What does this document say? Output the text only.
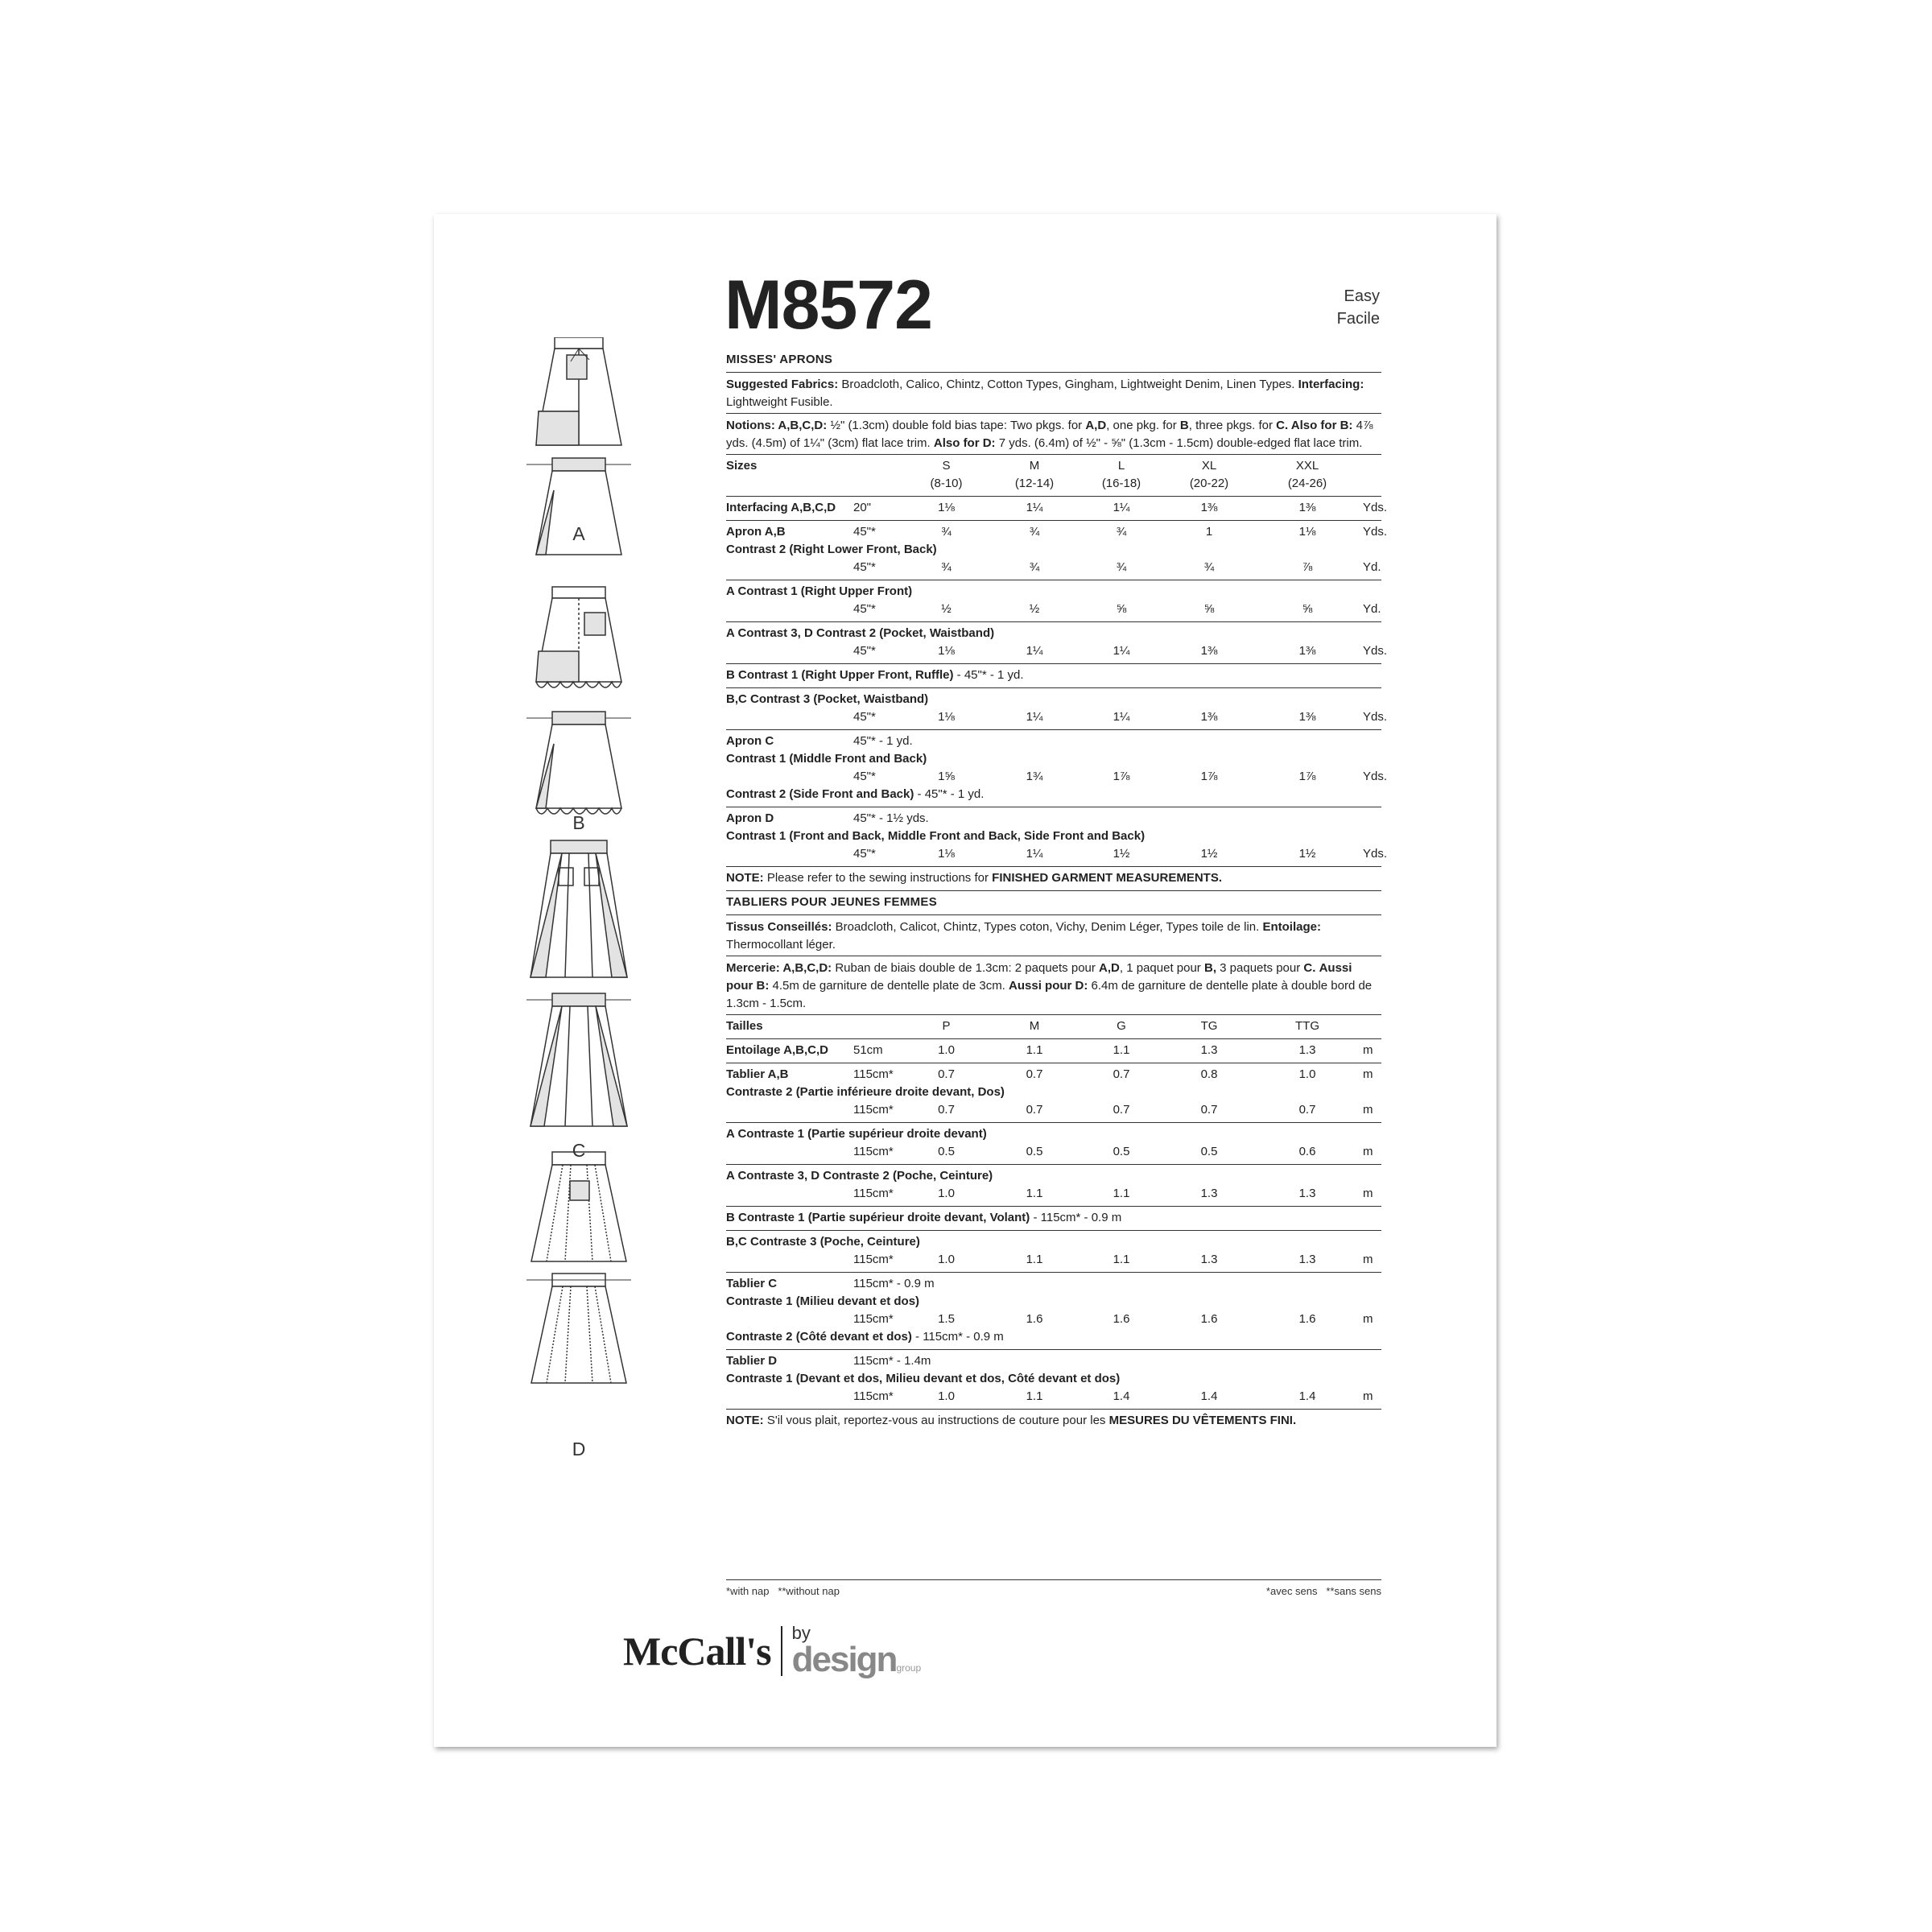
A
B
C
D
M8572	Easy
Facile
MISSES' APRONS
Suggested Fabrics: Broadcloth, Calico, Chintz, Cotton Types, Gingham, Lightweight Denim, Linen Types. Interfacing: Lightweight Fusible.
Notions: A,B,C,D: ½" (1.3cm) double fold bias tape: Two pkgs. for A,D, one pkg. for B, three pkgs. for C. Also for B: 4⅞ yds. (4.5m) of 1¼" (3cm) flat lace trim. Also for D: 7 yds. (6.4m) of ½" - ⅝" (1.3cm - 1.5cm) double-edged flat lace trim.
Sizes	S	M	L	XL	XXL
(8-10)	(12-14)	(16-18)	(20-22)	(24-26)
Interfacing A,B,C,D	20"	1⅛	1¼	1¼	1⅜	1⅜	Yds.
Apron A,B	45"*	¾	¾	¾	1	1⅛	Yds.
Contrast 2 (Right Lower Front, Back)
45"*	¾	¾	¾	¾	⅞	Yd.
A Contrast 1 (Right Upper Front)
45"*	½	½	⅝	⅝	⅝	Yd.
A Contrast 3, D Contrast 2 (Pocket, Waistband)
45"*	1⅛	1¼	1¼	1⅜	1⅜	Yds.
B Contrast 1 (Right Upper Front, Ruffle) - 45"* - 1 yd.
B,C Contrast 3 (Pocket, Waistband)
45"*	1⅛	1¼	1¼	1⅜	1⅜	Yds.
Apron C	45"* - 1 yd.
Contrast 1 (Middle Front and Back)
45"*	1⅝	1¾	1⅞	1⅞	1⅞	Yds.
Contrast 2 (Side Front and Back) - 45"* - 1 yd.
Apron D	45"* - 1½ yds.
Contrast 1 (Front and Back, Middle Front and Back, Side Front and Back)
45"*	1⅛	1¼	1½	1½	1½	Yds.
NOTE: Please refer to the sewing instructions for FINISHED GARMENT MEASUREMENTS.
TABLIERS POUR JEUNES FEMMES
Tissus Conseillés: Broadcloth, Calicot, Chintz, Types coton, Vichy, Denim Léger, Types toile de lin. Entoilage: Thermocollant léger.
Mercerie: A,B,C,D: Ruban de biais double de 1.3cm: 2 paquets pour A,D, 1 paquet pour B, 3 paquets pour C. Aussi pour B: 4.5m de garniture de dentelle plate de 3cm. Aussi pour D: 6.4m de garniture de dentelle plate à double bord de 1.3cm - 1.5cm.
Tailles	P	M	G	TG	TTG
Entoilage A,B,C,D	51cm	1.0	1.1	1.1	1.3	1.3	m
Tablier A,B	115cm*	0.7	0.7	0.7	0.8	1.0	m
Contraste 2 (Partie inférieure droite devant, Dos)
115cm*	0.7	0.7	0.7	0.7	0.7	m
A Contraste 1 (Partie supérieur droite devant)
115cm*	0.5	0.5	0.5	0.5	0.6	m
A Contraste 3, D Contraste 2 (Poche, Ceinture)
115cm*	1.0	1.1	1.1	1.3	1.3	m
B Contraste 1 (Partie supérieur droite devant, Volant) - 115cm* - 0.9 m
B,C Contraste 3 (Poche, Ceinture)
115cm*	1.0	1.1	1.1	1.3	1.3	m
Tablier C	115cm* - 0.9 m
Contraste 1 (Milieu devant et dos)
115cm*	1.5	1.6	1.6	1.6	1.6	m
Contraste 2 (Côté devant et dos) - 115cm* - 0.9 m
Tablier D	115cm* - 1.4m
Contraste 1 (Devant et dos, Milieu devant et dos, Côté devant et dos)
115cm*	1.0	1.1	1.4	1.4	1.4	m
NOTE: S'il vous plait, reportez-vous au instructions de couture pour les MESURES DU VÊTEMENTS FINI.
*with nap   **without nap	*avec sens   **sans sens
McCall's by
designgroup
